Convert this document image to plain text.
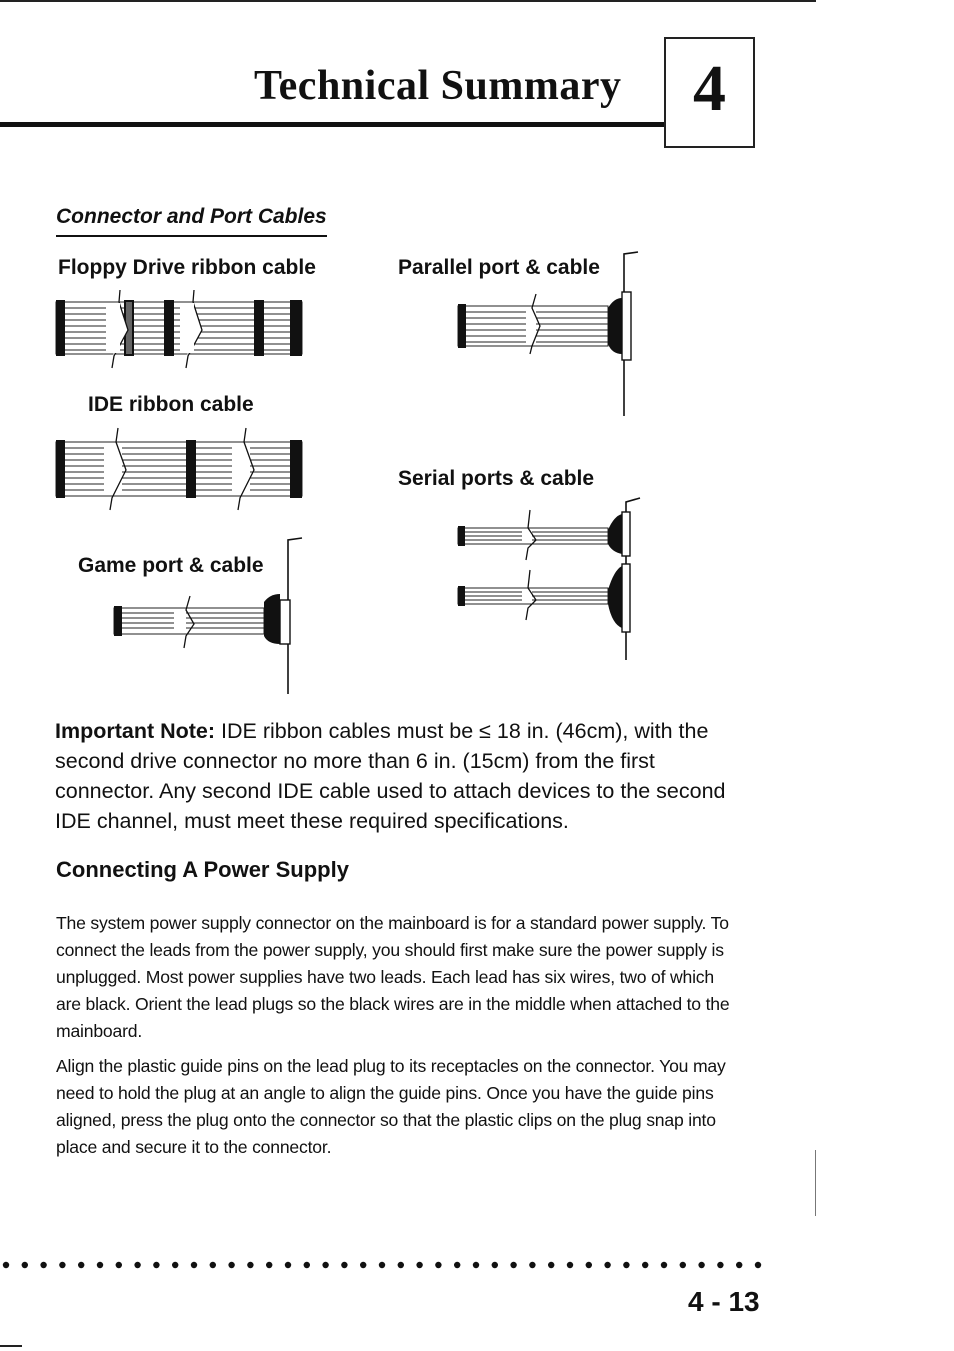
Technical Summary	4
Connector and Port Cables
Floppy Drive ribbon cable
IDE ribbon cable
Game port & cable
Parallel port & cable
Serial ports & cable
Important Note: IDE ribbon cables must be ≤ 18 in. (46cm), with the second drive connector no more than 6 in. (15cm) from the first connector. Any second IDE cable used to attach devices to the second IDE channel, must meet these required specifications.
Connecting A Power Supply
The system power supply connector on the mainboard is for a standard power supply. To connect the leads from the power supply, you should first make sure the power supply is unplugged. Most power supplies have two leads. Each lead has six wires, two of which are black. Orient the lead plugs so the black wires are in the middle when attached to the mainboard.
Align the plastic guide pins on the lead plug to its receptacles on the connector. You may need to hold the plug at an angle to align the guide pins. Once you have the guide pins aligned, press the plug onto the connector so that the plastic clips on the plug snap into place and secure it to the connector.
4 - 13
